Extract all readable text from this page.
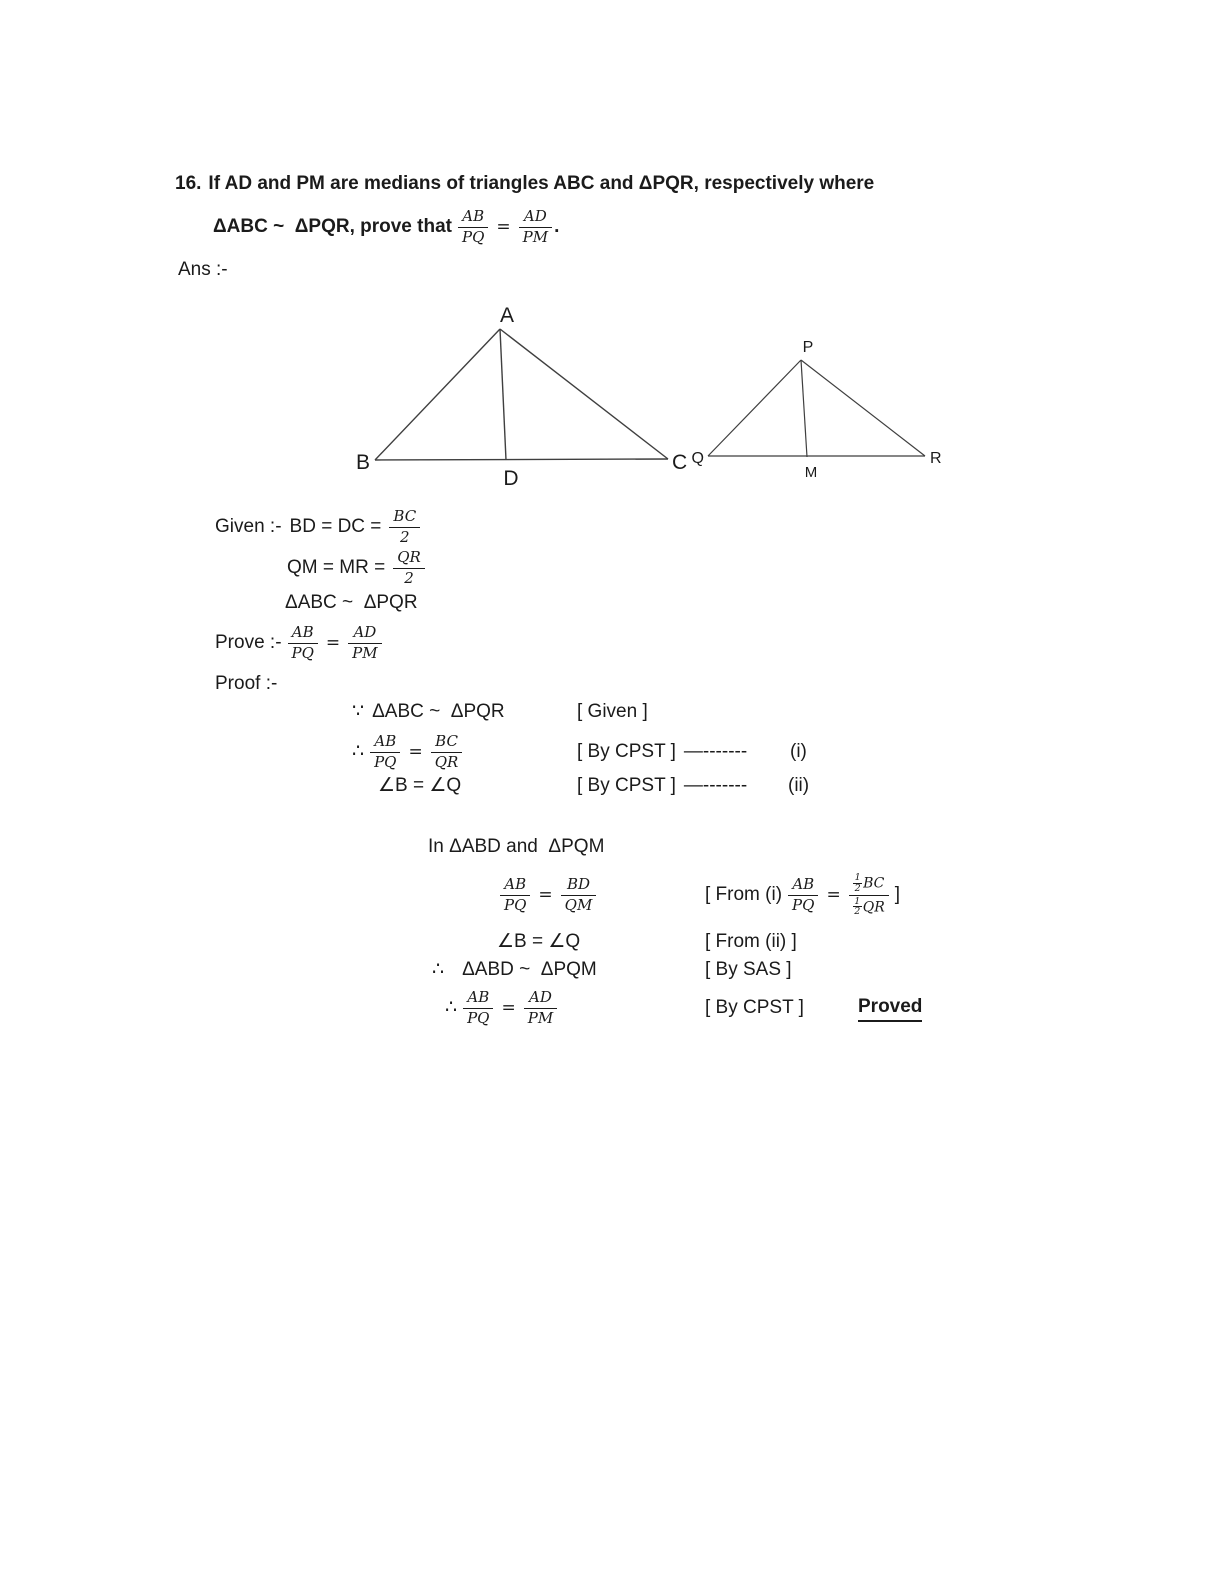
16. If AD and PM are medians of triangles ABC and ΔPQR, respectively where
ΔABC ~  ΔPQR, prove that $\frac{AB}{PQ} = \frac{AD}{PM}$ .
Ans :-
A
B	C
D
P
Q	R
M
Given :- BD = DC = $\frac{BC}{2}$
QM = MR = $\frac{QR}{2}$
ΔABC ~  ΔPQR
Prove :- $\frac{AB}{PQ} = \frac{AD}{PM}$
Proof :-
∵ ΔABC ~  ΔPQR	[ Given ]
∴ $\frac{AB}{PQ} = \frac{BC}{QR}$	[ By CPST ] —------- (i)
∠B = ∠Q	[ By CPST ] —------- (ii)
In ΔABD and  ΔPQM
$\frac{AB}{PQ} = \frac{BD}{QM}$	[ From $(i) \frac{AB}{PQ} = \frac{\frac{1}{2} BC}{\frac{1}{2} QR}$ ]
∠B = ∠Q	[ From (ii) ]
∴ ΔABD ~  ΔPQM	[ By SAS ]
∴ $\frac{AB}{PQ} = \frac{AD}{PM}$	[ By CPST ]	Proved
